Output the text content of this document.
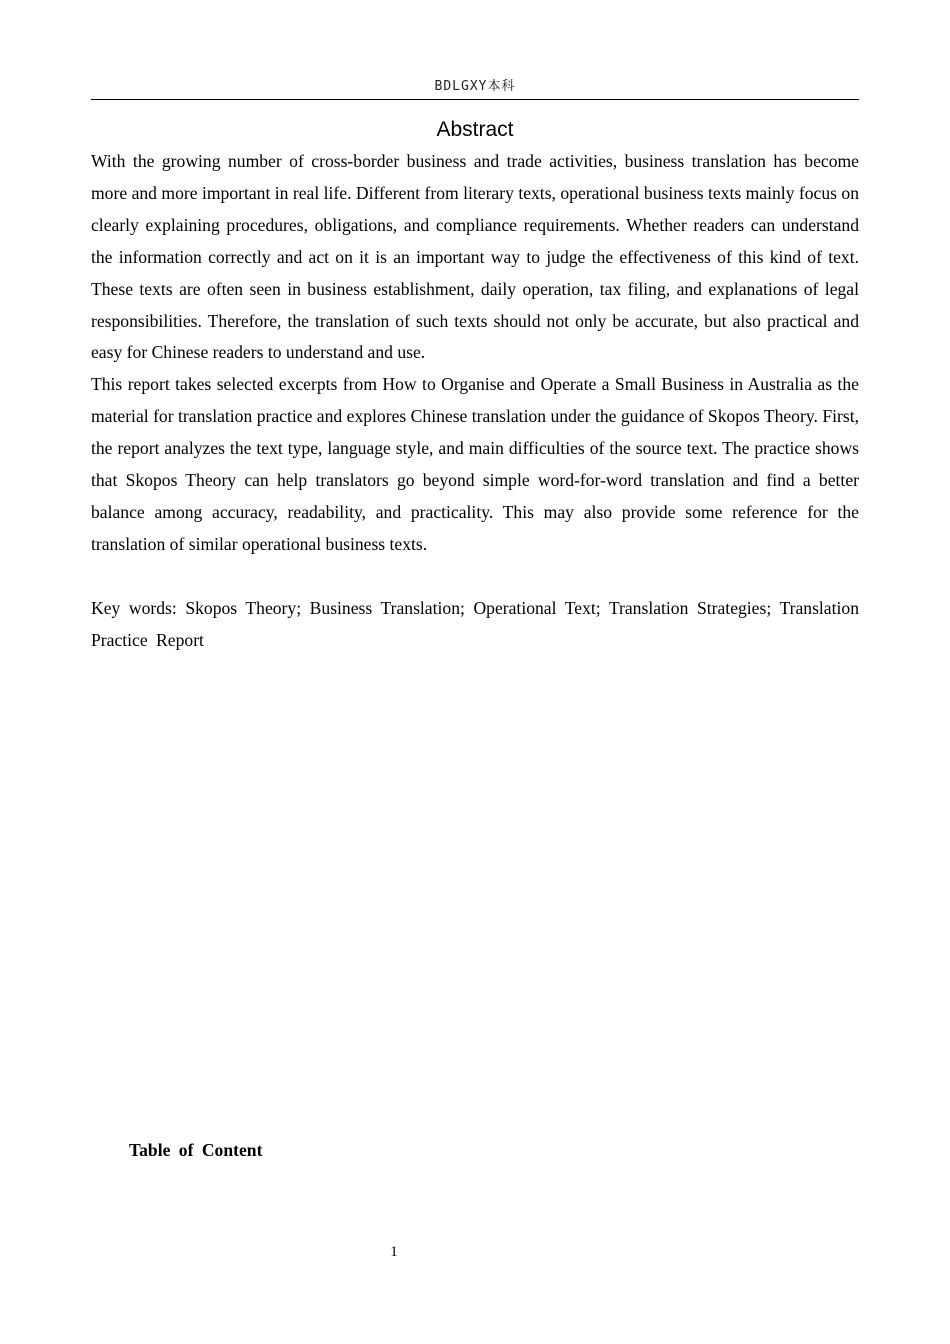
BDLGXY本科
Abstract

With the growing number of cross-border business and trade activities, business translation has become more and more important in real life. Different from literary texts, operational business texts mainly focus on clearly explaining procedures, obligations, and compliance requirements. Whether readers can understand the information correctly and act on it is an important way to judge the effectiveness of this kind of text. These texts are often seen in business establishment, daily operation, tax filing, and explanations of legal responsibilities. Therefore, the translation of such texts should not only be accurate, but also practical and easy for Chinese readers to understand and use.

This report takes selected excerpts from How to Organise and Operate a Small Business in Australia as the material for translation practice and explores Chinese translation under the guidance of Skopos Theory. First, the report analyzes the text type, language style, and main difficulties of the source text. The practice shows that Skopos Theory can help translators go beyond simple word-for-word translation and find a better balance among accuracy, readability, and practicality. This may also provide some reference for the translation of similar operational business texts.

Key words: Skopos Theory; Business Translation; Operational Text; Translation Strategies; Translation Practice Report

Table of Content

1
